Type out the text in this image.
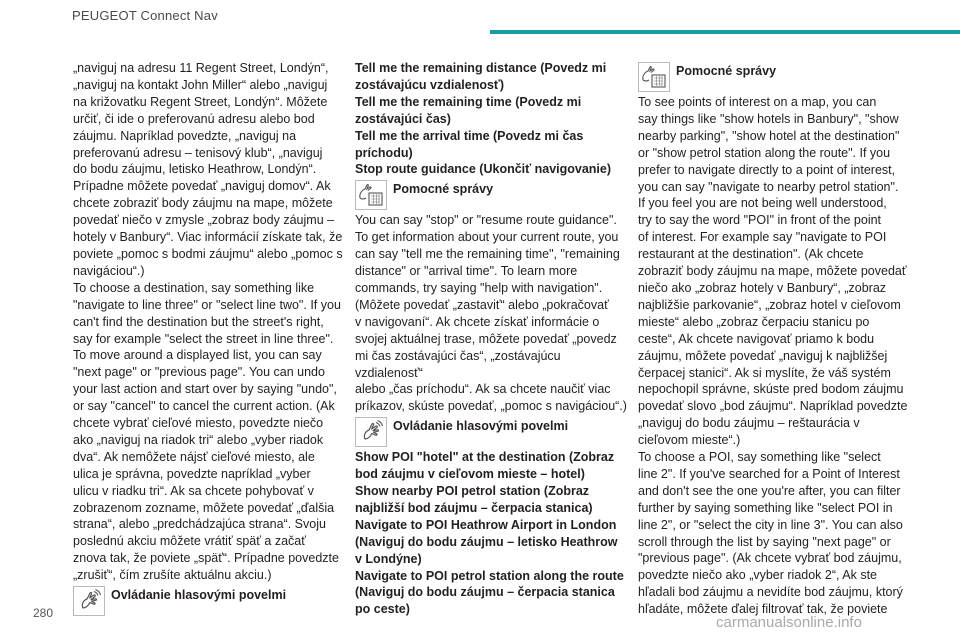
PEUGEOT Connect Nav

„naviguj na adresu 11 Regent Street, Londýn“,
„naviguj na kontakt John Miller“ alebo „naviguj
na križovatku Regent Street, Londýn“. Môžete
určiť, či ide o preferovanú adresu alebo bod
záujmu. Napríklad povedzte, „naviguj na
preferovanú adresu – tenisový klub“, „naviguj
do bodu záujmu, letisko Heathrow, Londýn“.
Prípadne môžete povedať „naviguj domov“. Ak
chcete zobraziť body záujmu na mape, môžete
povedať niečo v zmysle „zobraz body záujmu –
hotely v Banbury“. Viac informácií získate tak, že
poviete „pomoc s bodmi záujmu“ alebo „pomoc s
navigáciou“.)
To choose a destination, say something like
"navigate to line three" or "select line two". If you
can't find the destination but the street's right,
say for example "select the street in line three".
To move around a displayed list, you can say
"next page" or "previous page". You can undo
your last action and start over by saying "undo",
or say "cancel" to cancel the current action. (Ak
chcete vybrať cieľové miesto, povedzte niečo
ako „naviguj na riadok tri“ alebo „vyber riadok
dva“. Ak nemôžete nájsť cieľové miesto, ale
ulica je správna, povedzte napríklad „vyber
ulicu v riadku tri“. Ak sa chcete pohybovať v
zobrazenom zozname, môžete povedať „ďalšia
strana“, alebo „predchádzajúca strana“. Svoju
poslednú akciu môžete vrátiť späť a začať
znova tak, že poviete „späť“. Prípadne povedzte
„zrušiť“, čím zrušíte aktuálnu akciu.)

Ovládanie hlasovými povelmi

Tell me the remaining distance (Povedz mi
zostávajúcu vzdialenosť)
Tell me the remaining time (Povedz mi
zostávajúci čas)
Tell me the arrival time (Povedz mi čas
príchodu)
Stop route guidance (Ukončiť navigovanie)

Pomocné správy

You can say "stop" or "resume route guidance".
To get information about your current route, you
can say "tell me the remaining time", "remaining
distance" or "arrival time". To learn more
commands, try saying "help with navigation".
(Môžete povedať „zastaviť“ alebo „pokračovať
v navigovaní“. Ak chcete získať informácie o
svojej aktuálnej trase, môžete povedať „povedz
mi čas zostávajúci čas“, „zostávajúcu vzdialenosť“
alebo „čas príchodu“. Ak sa chcete naučiť viac
príkazov, skúste povedať, „pomoc s navigáciou“.)

Ovládanie hlasovými povelmi

Show POI "hotel" at the destination (Zobraz
bod záujmu v cieľovom mieste – hotel)
Show nearby POI petrol station (Zobraz
najbližší bod záujmu – čerpacia stanica)
Navigate to POI Heathrow Airport in London
(Naviguj do bodu záujmu – letisko Heathrow
v Londýne)
Navigate to POI petrol station along the route
(Naviguj do bodu záujmu – čerpacia stanica
po ceste)

Pomocné správy

To see points of interest on a map, you can
say things like "show hotels in Banbury", "show
nearby parking", "show hotel at the destination"
or "show petrol station along the route". If you
prefer to navigate directly to a point of interest,
you can say "navigate to nearby petrol station".
If you feel you are not being well understood,
try to say the word "POI" in front of the point
of interest. For example say "navigate to POI
restaurant at the destination". (Ak chcete
zobraziť body záujmu na mape, môžete povedať
niečo ako „zobraz hotely v Banbury“, „zobraz
najbližšie parkovanie“, „zobraz hotel v cieľovom
mieste“ alebo „zobraz čerpaciu stanicu po
ceste“, Ak chcete navigovať priamo k bodu
záujmu, môžete povedať „naviguj k najbližšej
čerpacej stanici“. Ak si myslíte, že váš systém
nepochopil správne, skúste pred bodom záujmu
povedať slovo „bod záujmu“. Napríklad povedzte
„naviguj do bodu záujmu – reštaurácia v
cieľovom mieste“.)
To choose a POI, say something like "select
line 2". If you've searched for a Point of Interest
and don't see the one you're after, you can filter
further by saying something like "select POI in
line 2", or "select the city in line 3". You can also
scroll through the list by saying "next page" or
"previous page". (Ak chcete vybrať bod záujmu,
povedzte niečo ako „vyber riadok 2“, Ak ste
hľadali bod záujmu a nevidíte bod záujmu, ktorý
hľadáte, môžete ďalej filtrovať tak, že poviete

280
carmanualsonline.info
